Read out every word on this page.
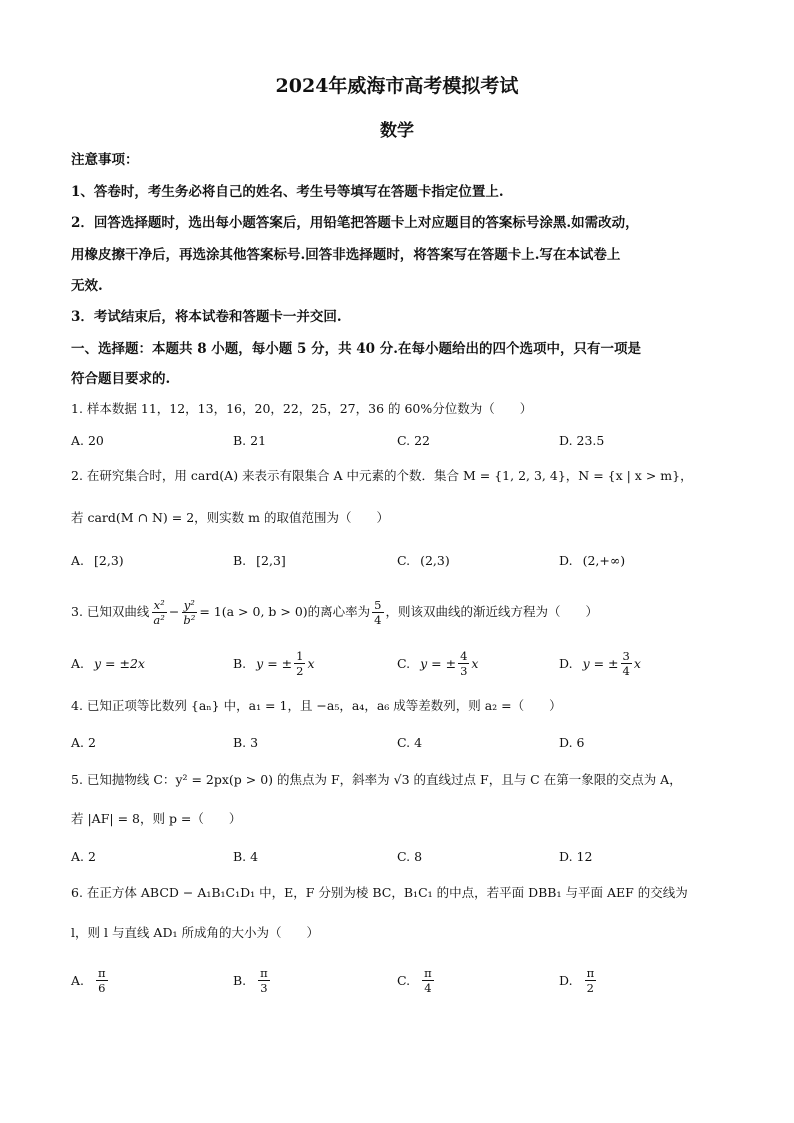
2024年威海市高考模拟考试
数学
注意事项：
1、答卷时，考生务必将自己的姓名、考生号等填写在答题卡指定位置上.
2．回答选择题时，选出每小题答案后，用铅笔把答题卡上对应题目的答案标号涂黑.如需改动，
用橡皮擦干净后，再选涂其他答案标号.回答非选择题时，将答案写在答题卡上.写在本试卷上
无效.
3．考试结束后，将本试卷和答题卡一并交回.
一、选择题：本题共 8 小题，每小题 5 分，共 40 分.在每小题给出的四个选项中，只有一项是
符合题目要求的.
1. 样本数据 11，12，13，16，20，22，25，27，36 的 60%分位数为（　　）
A. 20	B. 21	C. 22	D. 23.5
2. 在研究集合时，用 card(A) 来表示有限集合 A 中元素的个数．集合 M = {1, 2, 3, 4}，N = {x | x > m}，
若 card(M ∩ N) = 2，则实数 m 的取值范围为（　　）
A. [2,3)	B. [2,3]	C. (2,3)	D. (2,+∞)
3. 已知双曲线 $\frac{\text{x²}}{\text{a²}} - \frac{\text{y²}}{\text{b²}} = 1(a > 0$, b > 0) 的离心率为 $\frac{5}{4}$ ，则该双曲线的渐近线方程为（　　）
A. y = ±2x	B. y = ± $\frac{1}{2}$ x	C. y = ± $\frac{4}{3}$ x	D. y = ± $\frac{3}{4}$ x
4. 已知正项等比数列 {aₙ} 中，a₁ = 1，且 −a₅，a₄，a₆ 成等差数列，则 a₂ =（　　）
A. 2	B. 3	C. 4	D. 6
5. 已知抛物线 C：y² = 2px(p > 0) 的焦点为 F，斜率为 √3 的直线过点 F，且与 C 在第一象限的交点为 A，
若 |AF| = 8，则 p =（　　）
A. 2	B. 4	C. 8	D. 12
6. 在正方体 ABCD − A₁B₁C₁D₁ 中，E，F 分别为棱 BC，B₁C₁ 的中点，若平面 DBB₁ 与平面 AEF 的交线为
l，则 l 与直线 AD₁ 所成角的大小为（　　）
A. $\frac{\pi}{6}$	B. $\frac{\pi}{3}$	C. $\frac{\pi}{4}$	D. $\frac{\pi}{2}$
